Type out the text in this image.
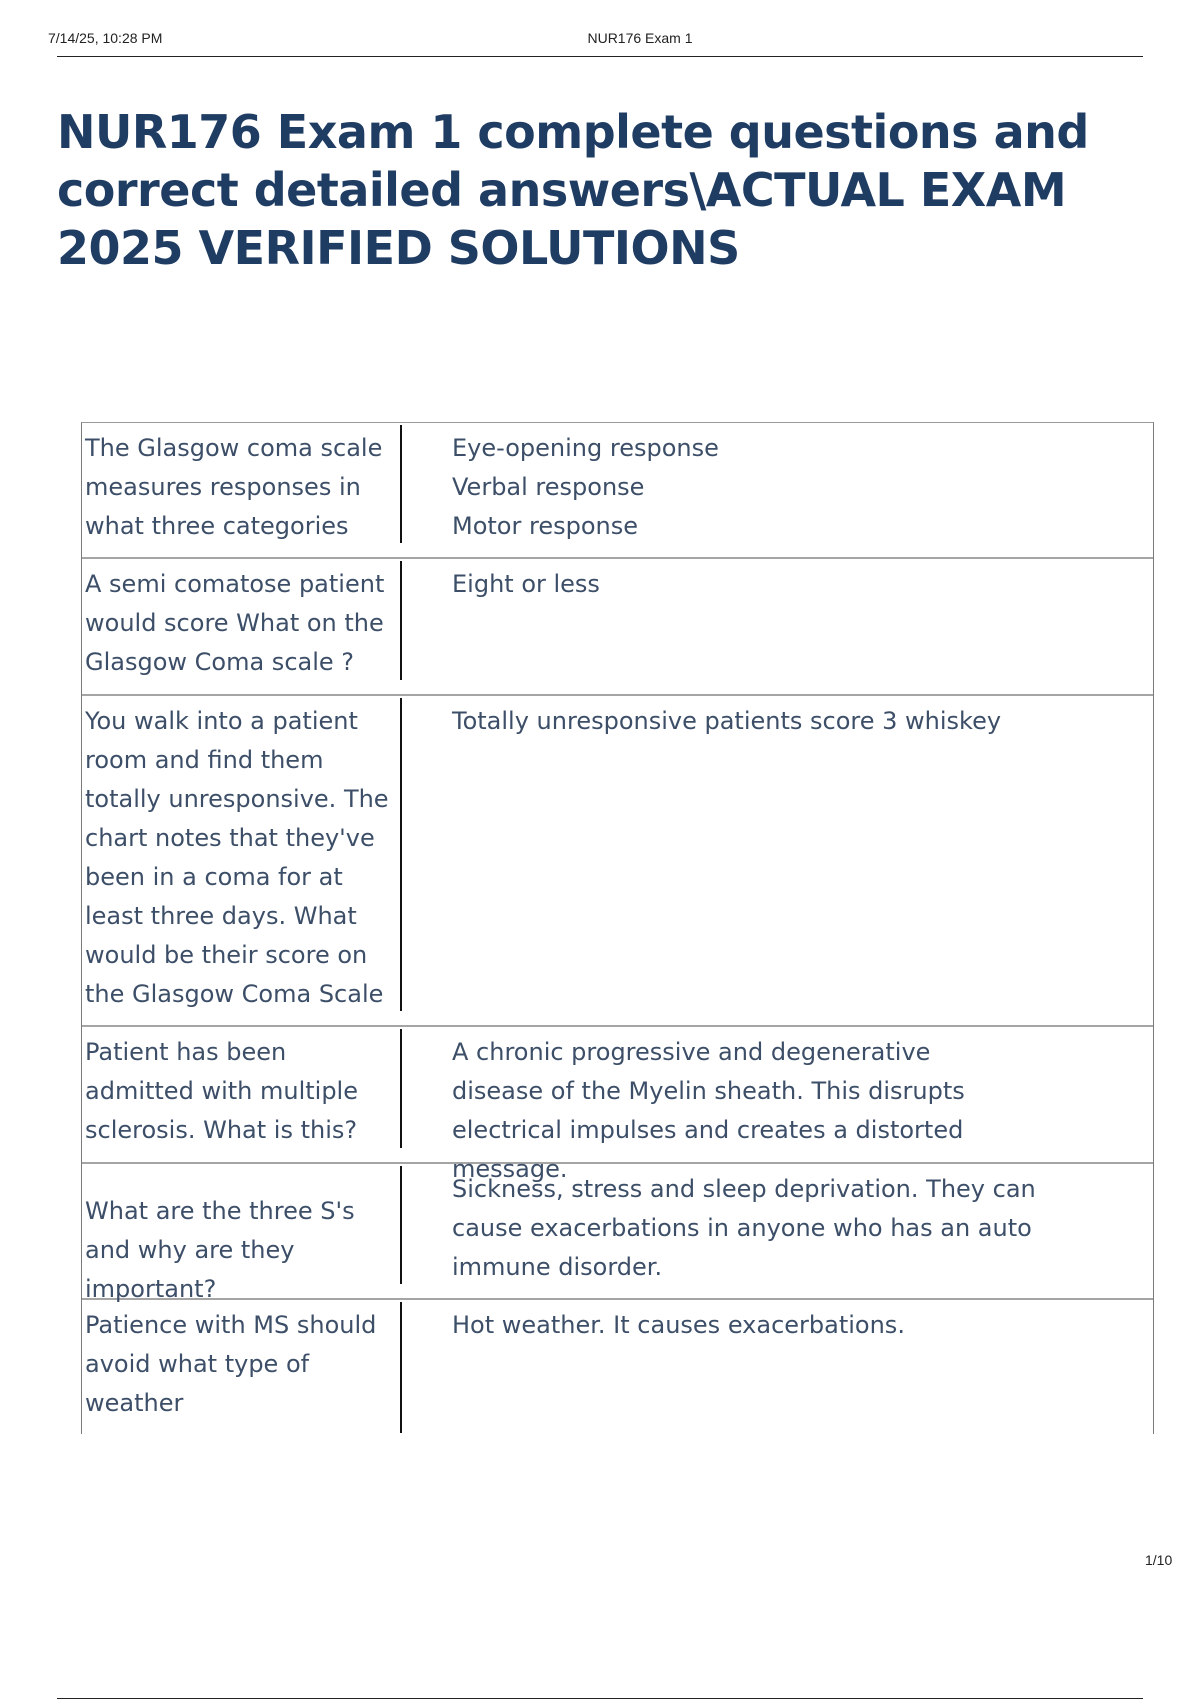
7/14/25, 10:28 PM	NUR176 Exam 1
NUR176 Exam 1 complete questions and correct detailed answers\ACTUAL EXAM 2025 VERIFIED SOLUTIONS
The Glasgow coma scale measures responses in what three categories
Eye-opening response
Verbal response
Motor response
A semi comatose patient would score What on the Glasgow Coma scale ?
Eight or less
You walk into a patient room and find them totally unresponsive. The chart notes that they've been in a coma for at least three days. What would be their score on the Glasgow Coma Scale
Totally unresponsive patients score 3 whiskey
Patient has been admitted with multiple sclerosis. What is this?
A chronic progressive and degenerative disease of the Myelin sheath. This disrupts electrical impulses and creates a distorted message.
What are the three S's and why are they important?
Sickness, stress and sleep deprivation. They can cause exacerbations in anyone who has an auto immune disorder.
Patience with MS should avoid what type of weather
Hot weather. It causes exacerbations.
1/10
